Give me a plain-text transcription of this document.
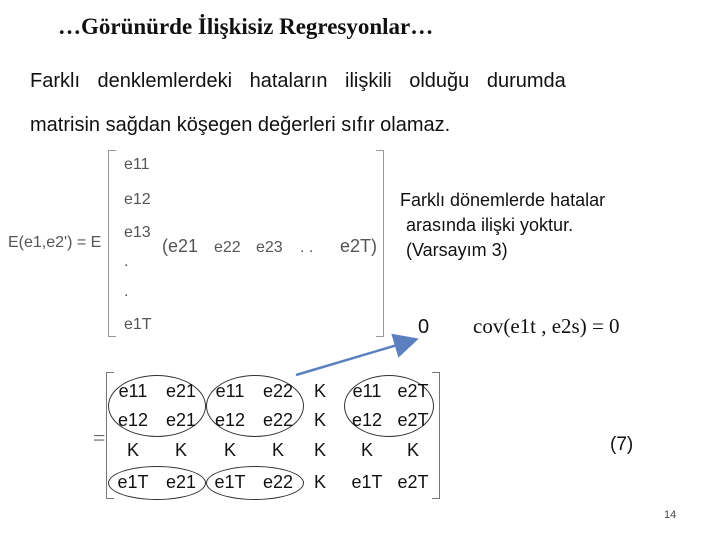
…Görünürde İlişkisiz Regresyonlar…
Farklı denklemlerdeki hataların ilişkili olduğu durumda
matrisin sağdan köşegen değerleri sıfır olamaz.
E(e1,e2') = E
e11
e12
e13
.
.
e1T
(e21 e22 e23 . . e2T)
Farklı dönemlerde hatalar
arasında ilişki yoktur.
(Varsayım 3)
0 cov(e1t , e2s) = 0
=
e11 e21 e11 e22 K e11 e2T
e12 e21 e12 e22 K e12 e2T
K K K K K K K
e1T e21 e1T e22 K e1T e2T
(7)
14
